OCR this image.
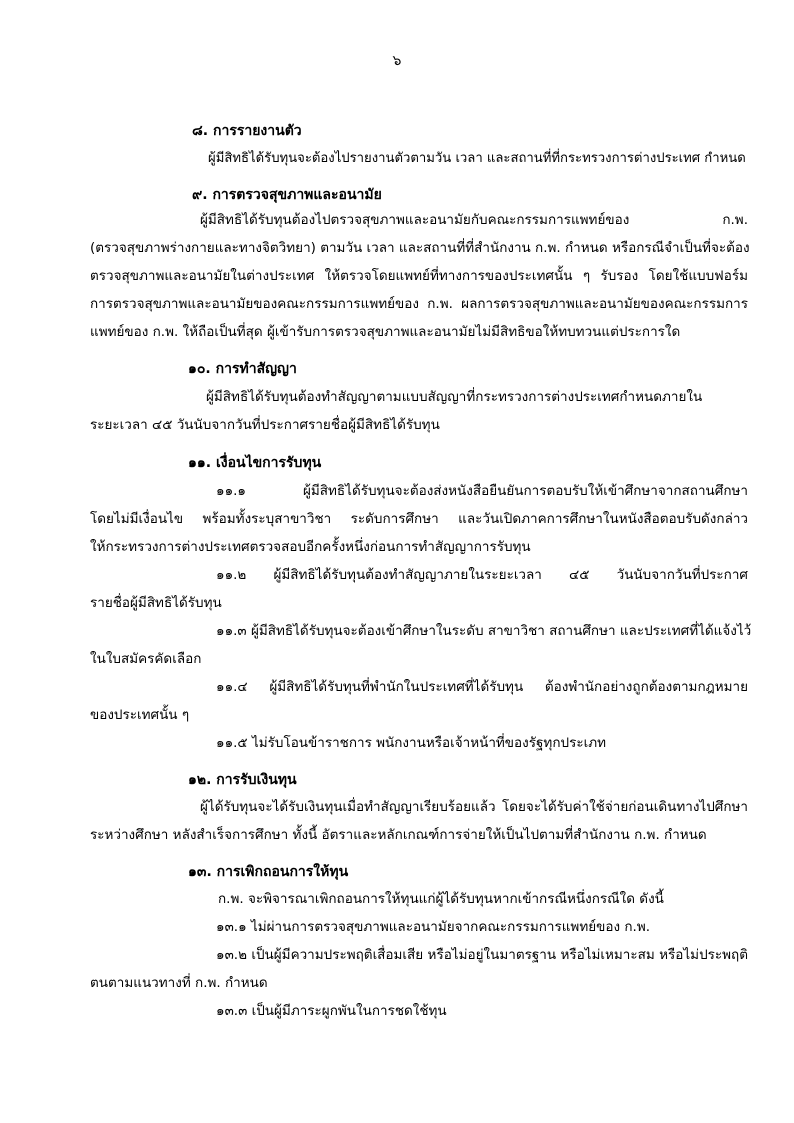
๖
๘. การรายงานตัว
ผู้มีสิทธิได้รับทุนจะต้องไปรายงานตัวตามวัน เวลา และสถานที่ที่กระทรวงการต่างประเทศ กำหนด
๙. การตรวจสุขภาพและอนามัย
ผู้มีสิทธิได้รับทุนต้องไปตรวจสุขภาพและอนามัยกับคณะกรรมการแพทย์ของ ก.พ.
(ตรวจสุขภาพร่างกายและทางจิตวิทยา) ตามวัน เวลา และสถานที่ที่สำนักงาน ก.พ. กำหนด หรือกรณีจำเป็นที่จะต้อง
ตรวจสุขภาพและอนามัยในต่างประเทศ ให้ตรวจโดยแพทย์ที่ทางการของประเทศนั้น ๆ รับรอง โดยใช้แบบฟอร์ม
การตรวจสุขภาพและอนามัยของคณะกรรมการแพทย์ของ ก.พ. ผลการตรวจสุขภาพและอนามัยของคณะกรรมการ
แพทย์ของ ก.พ. ให้ถือเป็นที่สุด ผู้เข้ารับการตรวจสุขภาพและอนามัยไม่มีสิทธิขอให้ทบทวนแต่ประการใด
๑๐. การทำสัญญา
ผู้มีสิทธิได้รับทุนต้องทำสัญญาตามแบบสัญญาที่กระทรวงการต่างประเทศกำหนดภายใน
ระยะเวลา ๔๕ วันนับจากวันที่ประกาศรายชื่อผู้มีสิทธิได้รับทุน
๑๑. เงื่อนไขการรับทุน
๑๑.๑ ผู้มีสิทธิได้รับทุนจะต้องส่งหนังสือยืนยันการตอบรับให้เข้าศึกษาจากสถานศึกษา
โดยไม่มีเงื่อนไข พร้อมทั้งระบุสาขาวิชา ระดับการศึกษา และวันเปิดภาคการศึกษาในหนังสือตอบรับดังกล่าว
ให้กระทรวงการต่างประเทศตรวจสอบอีกครั้งหนึ่งก่อนการทำสัญญาการรับทุน
๑๑.๒ ผู้มีสิทธิได้รับทุนต้องทำสัญญาภายในระยะเวลา ๔๕ วันนับจากวันที่ประกาศ
รายชื่อผู้มีสิทธิได้รับทุน
๑๑.๓ ผู้มีสิทธิได้รับทุนจะต้องเข้าศึกษาในระดับ สาขาวิชา สถานศึกษา และประเทศที่ได้แจ้งไว้
ในใบสมัครคัดเลือก
๑๑.๔ ผู้มีสิทธิได้รับทุนที่พำนักในประเทศที่ได้รับทุน ต้องพำนักอย่างถูกต้องตามกฎหมาย
ของประเทศนั้น ๆ
๑๑.๕ ไม่รับโอนข้าราชการ พนักงานหรือเจ้าหน้าที่ของรัฐทุกประเภท
๑๒. การรับเงินทุน
ผู้ได้รับทุนจะได้รับเงินทุนเมื่อทำสัญญาเรียบร้อยแล้ว โดยจะได้รับค่าใช้จ่ายก่อนเดินทางไปศึกษา
ระหว่างศึกษา หลังสำเร็จการศึกษา ทั้งนี้ อัตราและหลักเกณฑ์การจ่ายให้เป็นไปตามที่สำนักงาน ก.พ. กำหนด
๑๓. การเพิกถอนการให้ทุน
ก.พ. จะพิจารณาเพิกถอนการให้ทุนแก่ผู้ได้รับทุนหากเข้ากรณีหนึ่งกรณีใด ดังนี้
๑๓.๑ ไม่ผ่านการตรวจสุขภาพและอนามัยจากคณะกรรมการแพทย์ของ ก.พ.
๑๓.๒ เป็นผู้มีความประพฤติเสื่อมเสีย หรือไม่อยู่ในมาตรฐาน หรือไม่เหมาะสม หรือไม่ประพฤติ
ตนตามแนวทางที่ ก.พ. กำหนด
๑๓.๓ เป็นผู้มีภาระผูกพันในการชดใช้ทุน
